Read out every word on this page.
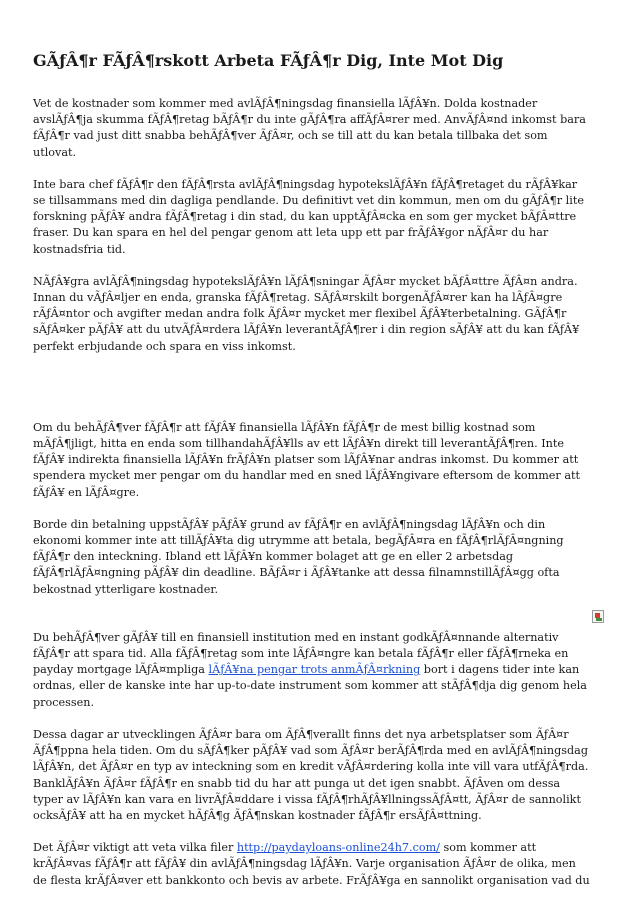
GÃƒÂ¶r FÃƒÂ¶rskott Arbeta FÃƒÂ¶r Dig, Inte Mot Dig

Vet de kostnader som kommer med avlÃƒÂ¶ningsdag finansiella lÃƒÂ¥n. Dolda kostnader avslÃƒÂ¶ja skumma fÃƒÂ¶retag bÃƒÂ¶r du inte gÃƒÂ¶ra affÃƒÂ¤rer med. AnvÃƒÂ¤nd inkomst bara fÃƒÂ¶r vad just ditt snabba behÃƒÂ¶ver ÃƒÂ¤r, och se till att du kan betala tillbaka det som utlovat.

Inte bara chef fÃƒÂ¶r den fÃƒÂ¶rsta avlÃƒÂ¶ningsdag hypotekslÃƒÂ¥n fÃƒÂ¶retaget du rÃƒÂ¥kar se tillsammans med din dagliga pendlande. Du definitivt vet din kommun, men om du gÃƒÂ¶r lite forskning pÃƒÂ¥ andra fÃƒÂ¶retag i din stad, du kan upptÃƒÂ¤cka en som ger mycket bÃƒÂ¤ttre fraser. Du kan spara en hel del pengar genom att leta upp ett par frÃƒÂ¥gor nÃƒÂ¤r du har kostnadsfria tid.

NÃƒÂ¥gra avlÃƒÂ¶ningsdag hypotekslÃƒÂ¥n lÃƒÂ¶sningar ÃƒÂ¤r mycket bÃƒÂ¤ttre ÃƒÂ¤n andra. Innan du vÃƒÂ¤ljer en enda, granska fÃƒÂ¶retag. SÃƒÂ¤rskilt borgenÃƒÂ¤rer kan ha lÃƒÂ¤gre rÃƒÂ¤ntor och avgifter medan andra folk ÃƒÂ¤r mycket mer flexibel ÃƒÂ¥terbetalning. GÃƒÂ¶r sÃƒÂ¤ker pÃƒÂ¥ att du utvÃƒÂ¤rdera lÃƒÂ¥n leverantÃƒÂ¶rer i din region sÃƒÂ¥ att du kan fÃƒÂ¥ perfekt erbjudande och spara en viss inkomst.

Om du behÃƒÂ¶ver fÃƒÂ¶r att fÃƒÂ¥ finansiella lÃƒÂ¥n fÃƒÂ¶r de mest billig kostnad som mÃƒÂ¶jligt, hitta en enda som tillhandahÃƒÂ¥lls av ett lÃƒÂ¥n direkt till leverantÃƒÂ¶ren. Inte fÃƒÂ¥ indirekta finansiella lÃƒÂ¥n frÃƒÂ¥n platser som lÃƒÂ¥nar andras inkomst. Du kommer att spendera mycket mer pengar om du handlar med en sned lÃƒÂ¥ngivare eftersom de kommer att fÃƒÂ¥ en lÃƒÂ¤gre.

Borde din betalning uppstÃƒÂ¥ pÃƒÂ¥ grund av fÃƒÂ¶r en avlÃƒÂ¶ningsdag lÃƒÂ¥n och din ekonomi kommer inte att tillÃƒÂ¥ta dig utrymme att betala, begÃƒÂ¤ra en fÃƒÂ¶rlÃƒÂ¤ngning fÃƒÂ¶r den inteckning. Ibland ett lÃƒÂ¥n kommer bolaget att ge en eller 2 arbetsdag fÃƒÂ¶rlÃƒÂ¤ngning pÃƒÂ¥ din deadline. BÃƒÂ¤r i ÃƒÂ¥tanke att dessa filnamnstillÃƒÂ¤gg ofta bekostnad ytterligare kostnader.

Du behÃƒÂ¶ver gÃƒÂ¥ till en finansiell institution med en instant godkÃƒÂ¤nnande alternativ fÃƒÂ¶r att spara tid. Alla fÃƒÂ¶retag som inte lÃƒÂ¤ngre kan betala fÃƒÂ¶r eller fÃƒÂ¶rneka en payday mortgage lÃƒÂ¤mpliga lÃƒÂ¥na pengar trots anmÃƒÂ¤rkning bort i dagens tider inte kan ordnas, eller de kanske inte har up-to-date instrument som kommer att stÃƒÂ¶dja dig genom hela processen.

Dessa dagar ar utvecklingen ÃƒÂ¤r bara om ÃƒÂ¶verallt finns det nya arbetsplatser som ÃƒÂ¤r ÃƒÂ¶ppna hela tiden. Om du sÃƒÂ¶ker pÃƒÂ¥ vad som ÃƒÂ¤r berÃƒÂ¶rda med en avlÃƒÂ¶ningsdag lÃƒÂ¥n, det ÃƒÂ¤r en typ av inteckning som en kredit vÃƒÂ¤rdering kolla inte vill vara utfÃƒÂ¶rda. BanklÃƒÂ¥n ÃƒÂ¤r fÃƒÂ¶r en snabb tid du har att punga ut det igen snabbt. ÃƒÂven om dessa typer av lÃƒÂ¥n kan vara en livrÃƒÂ¤ddare i vissa fÃƒÂ¶rhÃƒÂ¥llningssÃƒÂ¤tt, ÃƒÂ¤r de sannolikt ocksÃƒÂ¥ att ha en mycket hÃƒÂ¶g ÃƒÂ¶nskan kostnader fÃƒÂ¶r ersÃƒÂ¤ttning.

Det ÃƒÂ¤r viktigt att veta vilka filer http://paydayloans-online24h7.com/ som kommer att krÃƒÂ¤vas fÃƒÂ¶r att fÃƒÂ¥ din avlÃƒÂ¶ningsdag lÃƒÂ¥n. Varje organisation ÃƒÂ¤r de olika, men de flesta krÃƒÂ¤ver ett bankkonto och bevis av arbete. FrÃƒÂ¥ga en sannolikt organisation vad du
